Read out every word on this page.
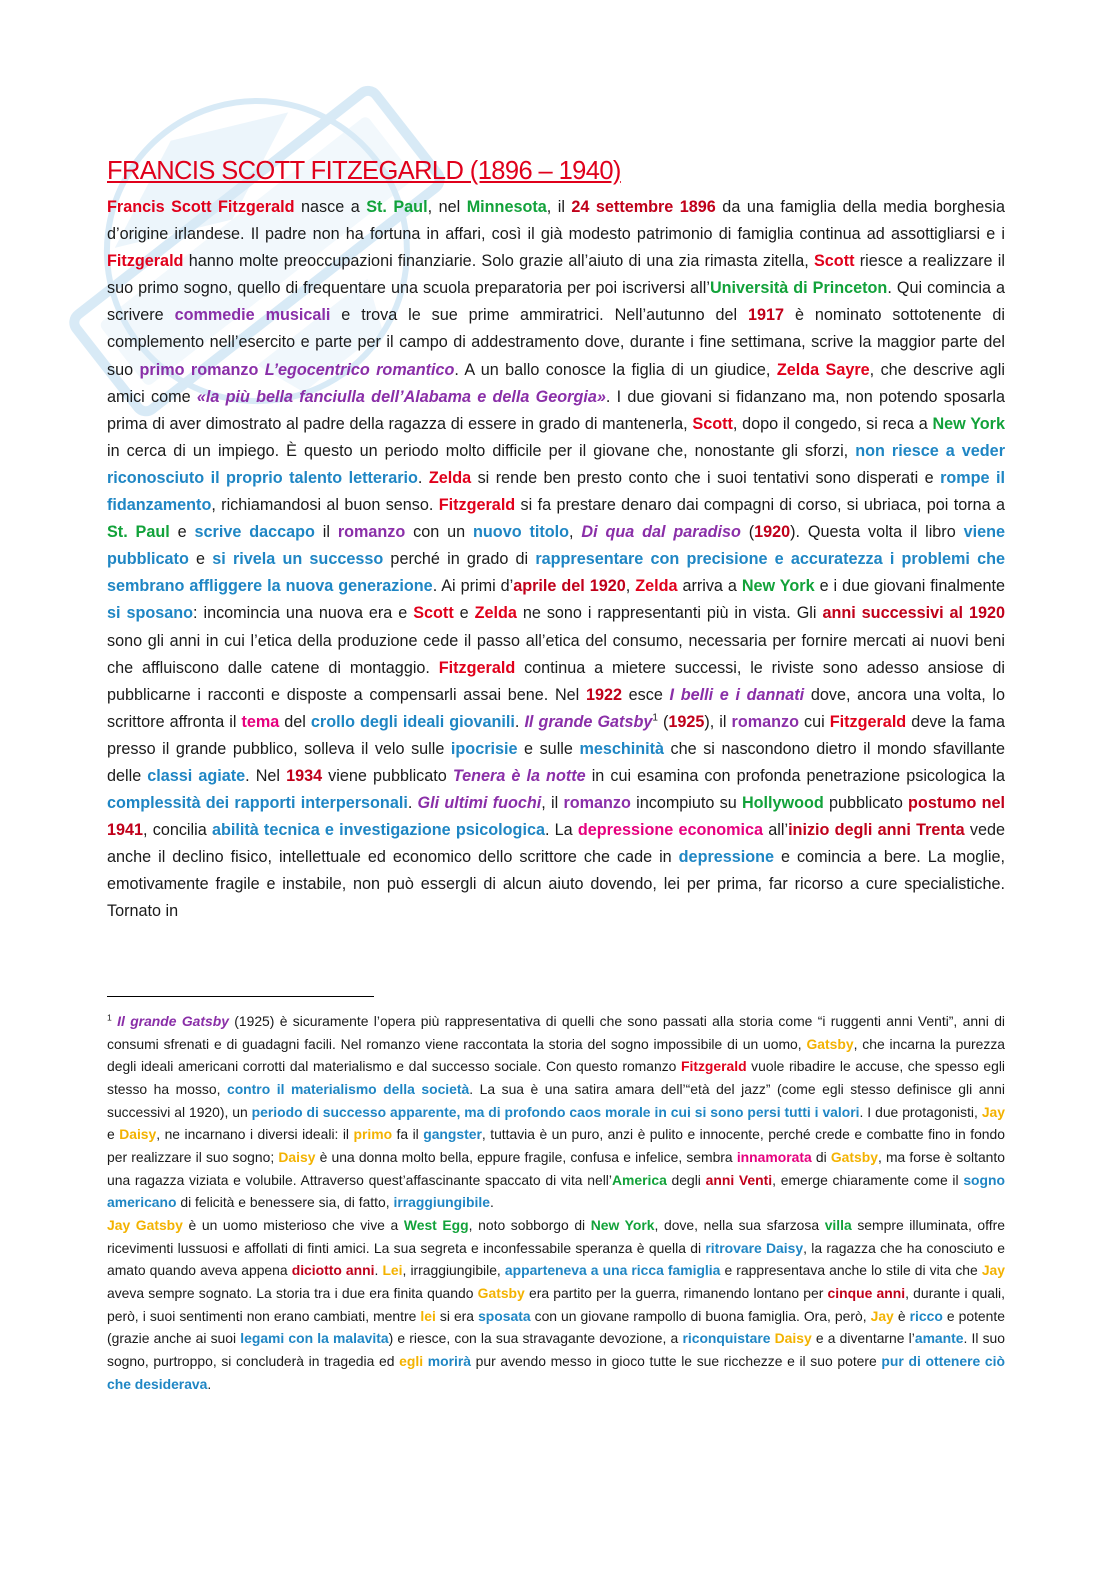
FRANCIS SCOTT FITZEGARLD (1896 – 1940)

Francis Scott Fitzgerald nasce a St. Paul, nel Minnesota, il 24 settembre 1896 da una famiglia della media borghesia d’origine irlandese. Il padre non ha fortuna in affari, così il già modesto patrimonio di famiglia continua ad assottigliarsi e i Fitzgerald hanno molte preoccupazioni finanziarie. Solo grazie all’aiuto di una zia rimasta zitella, Scott riesce a realizzare il suo primo sogno, quello di frequentare una scuola preparatoria per poi iscriversi all’Università di Princeton. Qui comincia a scrivere commedie musicali e trova le sue prime ammiratrici. Nell’autunno del 1917 è nominato sottotenente di complemento nell’esercito e parte per il campo di addestramento dove, durante i fine settimana, scrive la maggior parte del suo primo romanzo L’egocentrico romantico. A un ballo conosce la figlia di un giudice, Zelda Sayre, che descrive agli amici come «la più bella fanciulla dell’Alabama e della Georgia». I due giovani si fidanzano ma, non potendo sposarla prima di aver dimostrato al padre della ragazza di essere in grado di mantenerla, Scott, dopo il congedo, si reca a New York in cerca di un impiego. È questo un periodo molto difficile per il giovane che, nonostante gli sforzi, non riesce a veder riconosciuto il proprio talento letterario. Zelda si rende ben presto conto che i suoi tentativi sono disperati e rompe il fidanzamento, richiamandosi al buon senso. Fitzgerald si fa prestare denaro dai compagni di corso, si ubriaca, poi torna a St. Paul e scrive daccapo il romanzo con un nuovo titolo, Di qua dal paradiso (1920). Questa volta il libro viene pubblicato e si rivela un successo perché in grado di rappresentare con precisione e accuratezza i problemi che sembrano affliggere la nuova generazione. Ai primi d’aprile del 1920, Zelda arriva a New York e i due giovani finalmente si sposano: incomincia una nuova era e Scott e Zelda ne sono i rappresentanti più in vista. Gli anni successivi al 1920 sono gli anni in cui l’etica della produzione cede il passo all’etica del consumo, necessaria per fornire mercati ai nuovi beni che affluiscono dalle catene di montaggio. Fitzgerald continua a mietere successi, le riviste sono adesso ansiose di pubblicarne i racconti e disposte a compensarli assai bene. Nel 1922 esce I belli e i dannati dove, ancora una volta, lo scrittore affronta il tema del crollo degli ideali giovanili. Il grande Gatsby$^1$ (1925), il romanzo cui Fitzgerald deve la fama presso il grande pubblico, solleva il velo sulle ipocrisie e sulle meschinità che si nascondono dietro il mondo sfavillante delle classi agiate. Nel 1934 viene pubblicato Tenera è la notte in cui esamina con profonda penetrazione psicologica la complessità dei rapporti interpersonali. Gli ultimi fuochi, il romanzo incompiuto su Hollywood pubblicato postumo nel 1941, concilia abilità tecnica e investigazione psicologica. La depressione economica all’inizio degli anni Trenta vede anche il declino fisico, intellettuale ed economico dello scrittore che cade in depressione e comincia a bere. La moglie, emotivamente fragile e instabile, non può essergli di alcun aiuto dovendo, lei per prima, far ricorso a cure specialistiche. Tornato in

$^1$ Il grande Gatsby (1925) è sicuramente l’opera più rappresentativa di quelli che sono passati alla storia come “i ruggenti anni Venti”, anni di consumi sfrenati e di guadagni facili. Nel romanzo viene raccontata la storia del sogno impossibile di un uomo, Gatsby, che incarna la purezza degli ideali americani corrotti dal materialismo e dal successo sociale. Con questo romanzo Fitzgerald vuole ribadire le accuse, che spesso egli stesso ha mosso, contro il materialismo della società. La sua è una satira amara dell’“età del jazz” (come egli stesso definisce gli anni successivi al 1920), un periodo di successo apparente, ma di profondo caos morale in cui si sono persi tutti i valori. I due protagonisti, Jay e Daisy, ne incarnano i diversi ideali: il primo fa il gangster, tuttavia è un puro, anzi è pulito e innocente, perché crede e combatte fino in fondo per realizzare il suo sogno; Daisy è una donna molto bella, eppure fragile, confusa e infelice, sembra innamorata di Gatsby, ma forse è soltanto una ragazza viziata e volubile. Attraverso quest’affascinante spaccato di vita nell’America degli anni Venti, emerge chiaramente come il sogno americano di felicità e benessere sia, di fatto, irraggiungibile.

Jay Gatsby è un uomo misterioso che vive a West Egg, noto sobborgo di New York, dove, nella sua sfarzosa villa sempre illuminata, offre ricevimenti lussuosi e affollati di finti amici. La sua segreta e inconfessabile speranza è quella di ritrovare Daisy, la ragazza che ha conosciuto e amato quando aveva appena diciotto anni. Lei, irraggiungibile, apparteneva a una ricca famiglia e rappresentava anche lo stile di vita che Jay aveva sempre sognato. La storia tra i due era finita quando Gatsby era partito per la guerra, rimanendo lontano per cinque anni, durante i quali, però, i suoi sentimenti non erano cambiati, mentre lei si era sposata con un giovane rampollo di buona famiglia. Ora, però, Jay è ricco e potente (grazie anche ai suoi legami con la malavita) e riesce, con la sua stravagante devozione, a riconquistare Daisy e a diventarne l’amante. Il suo sogno, purtroppo, si concluderà in tragedia ed egli morirà pur avendo messo in gioco tutte le sue ricchezze e il suo potere pur di ottenere ciò che desiderava.
